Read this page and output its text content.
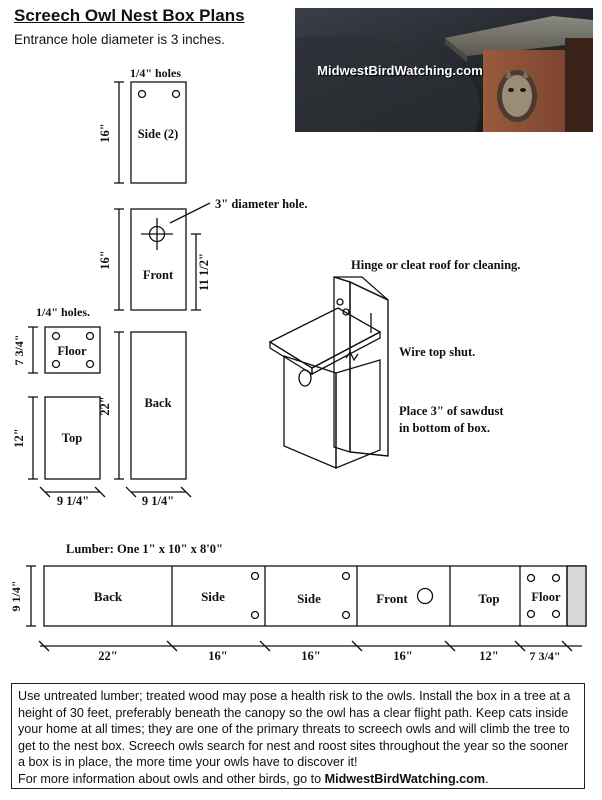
Screech Owl Nest Box Plans
Entrance hole diameter is 3 inches.
MidwestBirdWatching.com
1/4" holes
Side (2)
16"
3" diameter hole.
Front
16"	11 1/2"
1/4" holes.
Floor
7 3/4"
Top
12"
Back
22"
9 1/4"	9 1/4"
Hinge or cleat roof for cleaning.
Wire top shut.
Place 3" of sawdust
in bottom of box.
Lumber: One 1" x 10" x 8'0"
9 1/4"	Back	Side	Side	Front	Top	Floor
22"	16"	16"	16"	12"	7 3/4"
Use untreated lumber; treated wood may pose a health risk to the owls. Install the box in a tree at a height of 30 feet, preferably beneath the canopy so the owl has a clear flight path. Keep cats inside your home at all times; they are one of the primary threats to screech owls and will climb the tree to get to the nest box. Screech owls search for nest and roost sites throughout the year so the sooner a box is in place, the more time your owls have to discover it!
For more information about owls and other birds, go to MidwestBirdWatching.com.
